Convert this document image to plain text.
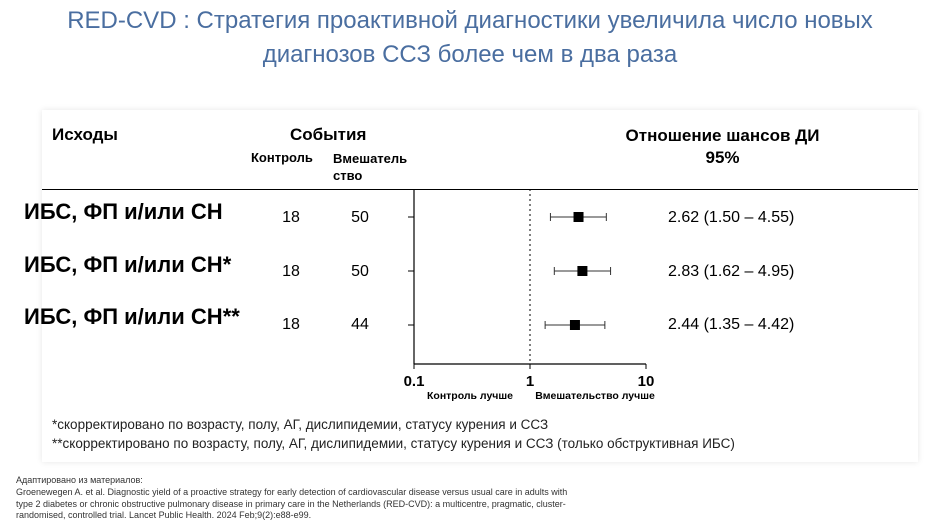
RED-CVD : Стратегия проактивной диагностики увеличила число новых диагнозов ССЗ более чем в два раза
Исходы	События
Контроль Вмешатель ство
Отношение шансов ДИ 95%
ИБС, ФП и/или СН	18	50	2.62 (1.50 – 4.55)
ИБС, ФП и/или СН*	18	50	2.83 (1.62 – 4.95)
ИБС, ФП и/или СН**	18	44	2.44 (1.35 – 4.42)
0.1	1	10
Контроль лучше Вмешательство лучше
*скорректировано по возрасту, полу, АГ, дислипидемии, статусу курения и ССЗ
**скорректировано по возрасту, полу, АГ, дислипидемии, статусу курения и ССЗ (только обструктивная ИБС)
Адаптировано из материалов:
Groenewegen A. et al. Diagnostic yield of a proactive strategy for early detection of cardiovascular disease versus usual care in adults with type 2 diabetes or chronic obstructive pulmonary disease in primary care in the Netherlands (RED-CVD): a multicentre, pragmatic, cluster-randomised, controlled trial. Lancet Public Health. 2024 Feb;9(2):e88-e99.
